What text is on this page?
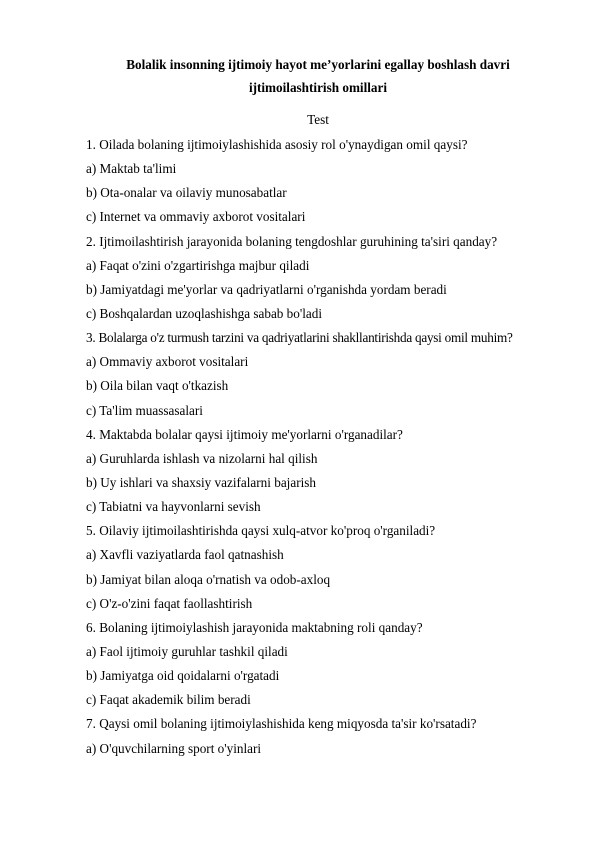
Bolalik insonning ijtimoiy hayot me’yorlarini egallay boshlash davri
ijtimoilashtirish omillari
Test
1. Oilada bolaning ijtimoiylashishida asosiy rol o'ynaydigan omil qaysi?
a) Maktab ta'limi
b) Ota-onalar va oilaviy munosabatlar
c) Internet va ommaviy axborot vositalari
2. Ijtimoilashtirish jarayonida bolaning tengdoshlar guruhining ta'siri qanday?
a) Faqat o'zini o'zgartirishga majbur qiladi
b) Jamiyatdagi me'yorlar va qadriyatlarni o'rganishda yordam beradi
c) Boshqalardan uzoqlashishga sabab bo'ladi
3. Bolalarga o'z turmush tarzini va qadriyatlarini shakllantirishda qaysi omil muhim?
a) Ommaviy axborot vositalari
b) Oila bilan vaqt o'tkazish
c) Ta'lim muassasalari
4. Maktabda bolalar qaysi ijtimoiy me'yorlarni o'rganadilar?
a) Guruhlarda ishlash va nizolarni hal qilish
b) Uy ishlari va shaxsiy vazifalarni bajarish
c) Tabiatni va hayvonlarni sevish
5. Oilaviy ijtimoilashtirishda qaysi xulq-atvor ko'proq o'rganiladi?
a) Xavfli vaziyatlarda faol qatnashish
b) Jamiyat bilan aloqa o'rnatish va odob-axloq
c) O'z-o'zini faqat faollashtirish
6. Bolaning ijtimoiylashish jarayonida maktabning roli qanday?
a) Faol ijtimoiy guruhlar tashkil qiladi
b) Jamiyatga oid qoidalarni o'rgatadi
c) Faqat akademik bilim beradi
7. Qaysi omil bolaning ijtimoiylashishida keng miqyosda ta'sir ko'rsatadi?
a) O'quvchilarning sport o'yinlari
